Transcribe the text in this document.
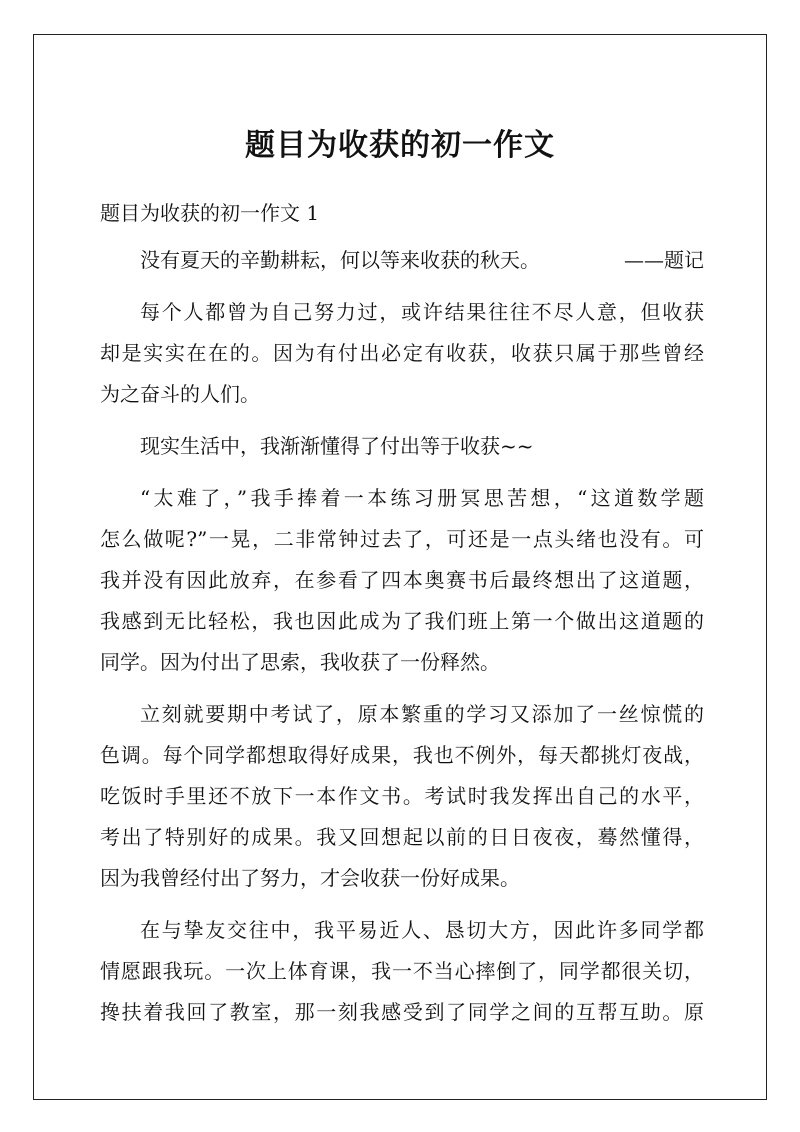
题目为收获的初一作文

题目为收获的初一作文 1

没有夏天的辛勤耕耘，何以等来收获的秋天。	——题记

每个人都曾为自己努力过，或许结果往往不尽人意，但收获
却是实实在在的。因为有付出必定有收获，收获只属于那些曾经
为之奋斗的人们。

现实生活中，我渐渐懂得了付出等于收获~~

“太难了，”我手捧着一本练习册冥思苦想，“这道数学题
怎么做呢?”一晃，二非常钟过去了，可还是一点头绪也没有。可
我并没有因此放弃，在参看了四本奥赛书后最终想出了这道题，
我感到无比轻松，我也因此成为了我们班上第一个做出这道题的
同学。因为付出了思索，我收获了一份释然。

立刻就要期中考试了，原本繁重的学习又添加了一丝惊慌的
色调。每个同学都想取得好成果，我也不例外，每天都挑灯夜战，
吃饭时手里还不放下一本作文书。考试时我发挥出自己的水平，
考出了特别好的成果。我又回想起以前的日日夜夜，蓦然懂得，
因为我曾经付出了努力，才会收获一份好成果。

在与挚友交往中，我平易近人、恳切大方，因此许多同学都
情愿跟我玩。一次上体育课，我一不当心摔倒了，同学都很关切，
搀扶着我回了教室，那一刻我感受到了同学之间的互帮互助。原
